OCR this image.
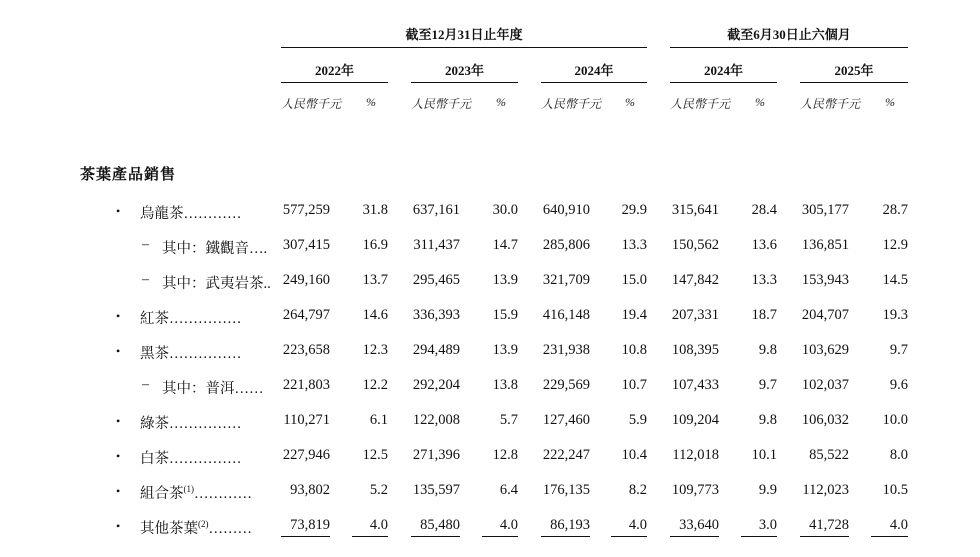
截至12月31日止年度	截至6月30日止六個月
2022年	2023年	2024年	2024年	2025年
人民幣千元 %	人民幣千元 %	人民幣千元 %	人民幣千元 %	人民幣千元 %
茶葉產品銷售
• 烏龍茶…………	577,259	31.8 637,161	30.0 640,910	29.9 315,641	28.4 305,177	28.7
– 其中：鐵觀音…. 307,415	16.9 311,437	14.7 285,806	13.3 150,562	13.6 136,851	12.9
– 其中：武夷岩茶.. 249,160	13.7 295,465	13.9 321,709	15.0 147,842	13.3 153,943	14.5
• 紅茶……………	264,797	14.6 336,393	15.9 416,148	19.4 207,331	18.7 204,707	19.3
• 黑茶……………	223,658	12.3 294,489	13.9 231,938	10.8 108,395	9.8 103,629	9.7
– 其中：普洱…… 221,803	12.2 292,204	13.8 229,569	10.7 107,433	9.7 102,037	9.6
• 綠茶……………	110,271	6.1 122,008	5.7 127,460	5.9 109,204	9.8 106,032	10.0
• 白茶……………	227,946	12.5 271,396	12.8 222,247	10.4 112,018	10.1	85,522	8.0
• 組合茶$^{(1)}$…………	93,802	5.2 135,597	6.4 176,135	8.2 109,773	9.9 112,023	10.5
• 其他茶葉$^{(2)}$………	73,819	4.0	85,480	4.0	86,193	4.0	33,640	3.0	41,728	4.0
